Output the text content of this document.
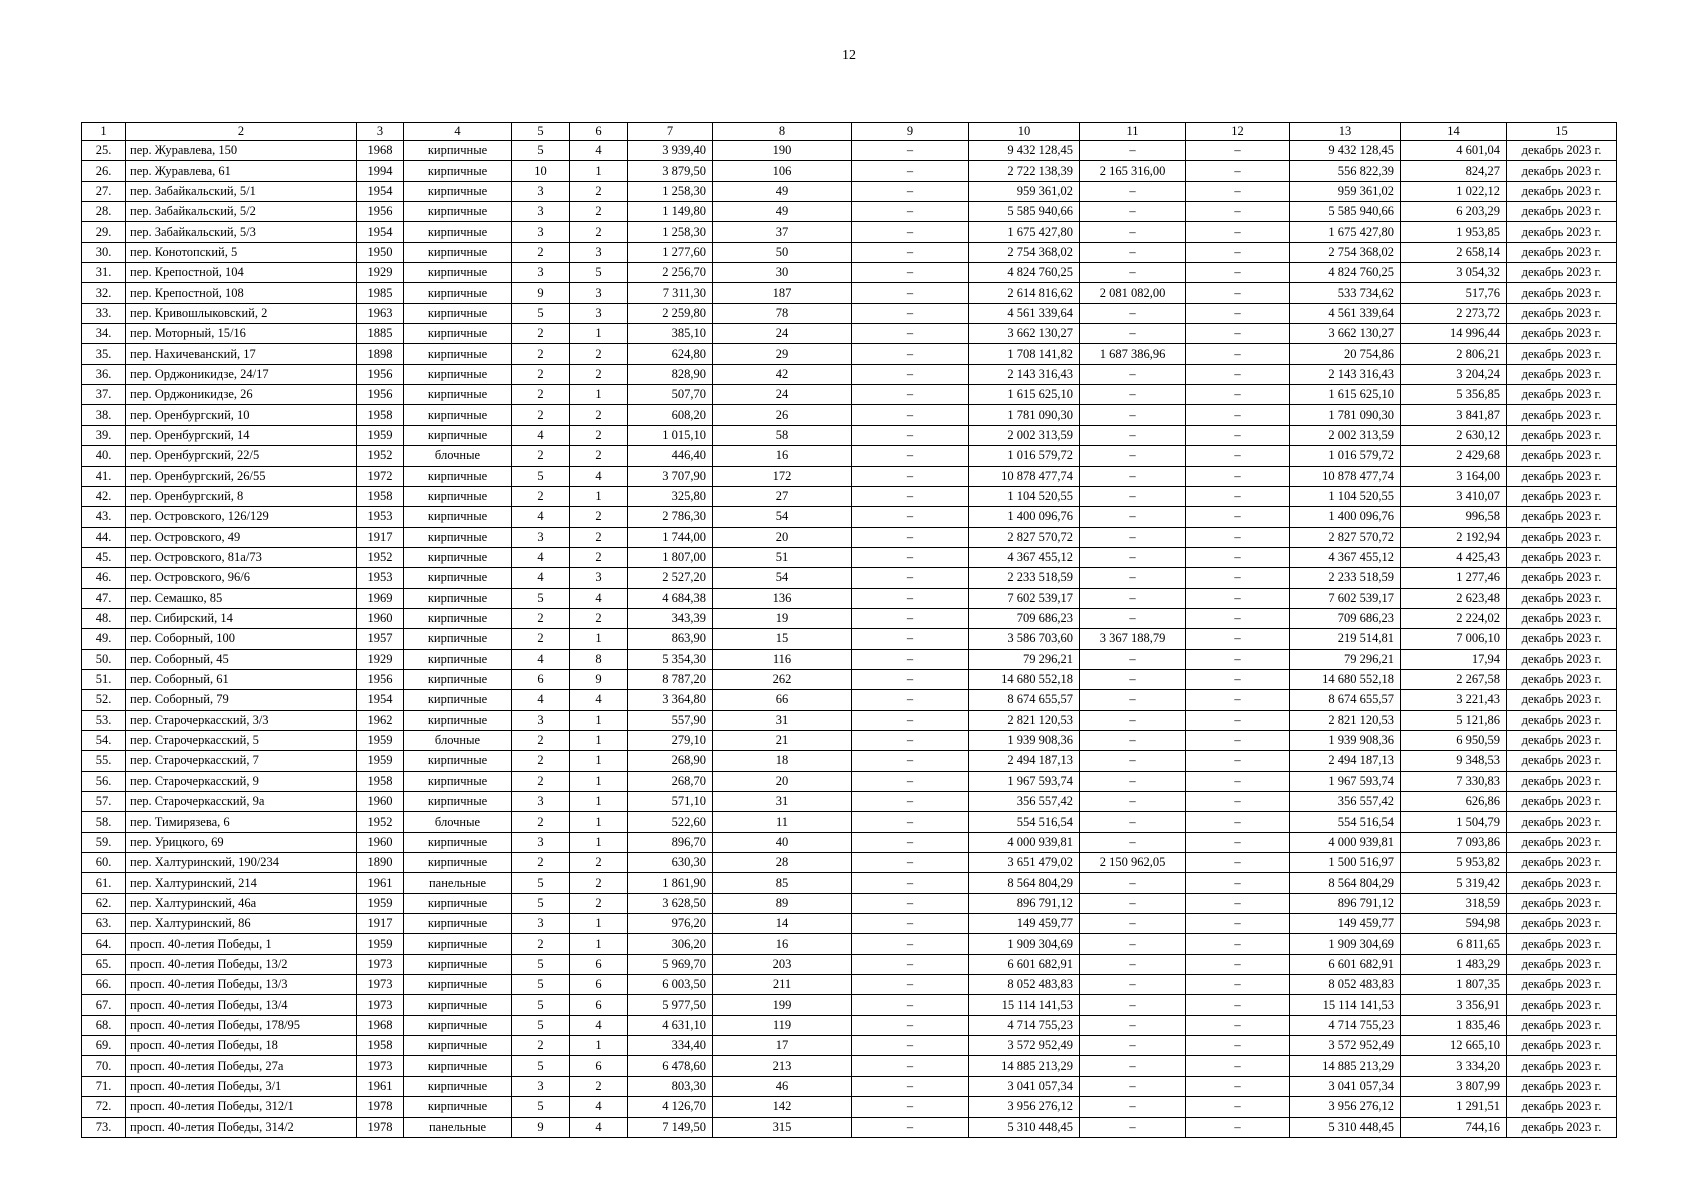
12
1	2	3	4	5	6	7	8	9	10	11	12	13	14	15
25.	пер. Журавлева, 150	1968	кирпичные	5	4	3 939,40	190	–	9 432 128,45	–	–	9 432 128,45	4 601,04	декабрь 2023 г.
26.	пер. Журавлева, 61	1994	кирпичные	10	1	3 879,50	106	–	2 722 138,39	2 165 316,00	–	556 822,39	824,27	декабрь 2023 г.
27.	пер. Забайкальский, 5/1	1954	кирпичные	3	2	1 258,30	49	–	959 361,02	–	–	959 361,02	1 022,12	декабрь 2023 г.
28.	пер. Забайкальский, 5/2	1956	кирпичные	3	2	1 149,80	49	–	5 585 940,66	–	–	5 585 940,66	6 203,29	декабрь 2023 г.
29.	пер. Забайкальский, 5/3	1954	кирпичные	3	2	1 258,30	37	–	1 675 427,80	–	–	1 675 427,80	1 953,85	декабрь 2023 г.
30.	пер. Конотопский, 5	1950	кирпичные	2	3	1 277,60	50	–	2 754 368,02	–	–	2 754 368,02	2 658,14	декабрь 2023 г.
31.	пер. Крепостной, 104	1929	кирпичные	3	5	2 256,70	30	–	4 824 760,25	–	–	4 824 760,25	3 054,32	декабрь 2023 г.
32.	пер. Крепостной, 108	1985	кирпичные	9	3	7 311,30	187	–	2 614 816,62	2 081 082,00	–	533 734,62	517,76	декабрь 2023 г.
33.	пер. Кривошлыковский, 2	1963	кирпичные	5	3	2 259,80	78	–	4 561 339,64	–	–	4 561 339,64	2 273,72	декабрь 2023 г.
34.	пер. Моторный, 15/16	1885	кирпичные	2	1	385,10	24	–	3 662 130,27	–	–	3 662 130,27	14 996,44	декабрь 2023 г.
35.	пер. Нахичеванский, 17	1898	кирпичные	2	2	624,80	29	–	1 708 141,82	1 687 386,96	–	20 754,86	2 806,21	декабрь 2023 г.
36.	пер. Орджоникидзе, 24/17	1956	кирпичные	2	2	828,90	42	–	2 143 316,43	–	–	2 143 316,43	3 204,24	декабрь 2023 г.
37.	пер. Орджоникидзе, 26	1956	кирпичные	2	1	507,70	24	–	1 615 625,10	–	–	1 615 625,10	5 356,85	декабрь 2023 г.
38.	пер. Оренбургский, 10	1958	кирпичные	2	2	608,20	26	–	1 781 090,30	–	–	1 781 090,30	3 841,87	декабрь 2023 г.
39.	пер. Оренбургский, 14	1959	кирпичные	4	2	1 015,10	58	–	2 002 313,59	–	–	2 002 313,59	2 630,12	декабрь 2023 г.
40.	пер. Оренбургский, 22/5	1952	блочные	2	2	446,40	16	–	1 016 579,72	–	–	1 016 579,72	2 429,68	декабрь 2023 г.
41.	пер. Оренбургский, 26/55	1972	кирпичные	5	4	3 707,90	172	–	10 878 477,74	–	–	10 878 477,74	3 164,00	декабрь 2023 г.
42.	пер. Оренбургский, 8	1958	кирпичные	2	1	325,80	27	–	1 104 520,55	–	–	1 104 520,55	3 410,07	декабрь 2023 г.
43.	пер. Островского, 126/129	1953	кирпичные	4	2	2 786,30	54	–	1 400 096,76	–	–	1 400 096,76	996,58	декабрь 2023 г.
44.	пер. Островского, 49	1917	кирпичные	3	2	1 744,00	20	–	2 827 570,72	–	–	2 827 570,72	2 192,94	декабрь 2023 г.
45.	пер. Островского, 81а/73	1952	кирпичные	4	2	1 807,00	51	–	4 367 455,12	–	–	4 367 455,12	4 425,43	декабрь 2023 г.
46.	пер. Островского, 96/6	1953	кирпичные	4	3	2 527,20	54	–	2 233 518,59	–	–	2 233 518,59	1 277,46	декабрь 2023 г.
47.	пер. Семашко, 85	1969	кирпичные	5	4	4 684,38	136	–	7 602 539,17	–	–	7 602 539,17	2 623,48	декабрь 2023 г.
48.	пер. Сибирский, 14	1960	кирпичные	2	2	343,39	19	–	709 686,23	–	–	709 686,23	2 224,02	декабрь 2023 г.
49.	пер. Соборный, 100	1957	кирпичные	2	1	863,90	15	–	3 586 703,60	3 367 188,79	–	219 514,81	7 006,10	декабрь 2023 г.
50.	пер. Соборный, 45	1929	кирпичные	4	8	5 354,30	116	–	79 296,21	–	–	79 296,21	17,94	декабрь 2023 г.
51.	пер. Соборный, 61	1956	кирпичные	6	9	8 787,20	262	–	14 680 552,18	–	–	14 680 552,18	2 267,58	декабрь 2023 г.
52.	пер. Соборный, 79	1954	кирпичные	4	4	3 364,80	66	–	8 674 655,57	–	–	8 674 655,57	3 221,43	декабрь 2023 г.
53.	пер. Старочеркасский, 3/3	1962	кирпичные	3	1	557,90	31	–	2 821 120,53	–	–	2 821 120,53	5 121,86	декабрь 2023 г.
54.	пер. Старочеркасский, 5	1959	блочные	2	1	279,10	21	–	1 939 908,36	–	–	1 939 908,36	6 950,59	декабрь 2023 г.
55.	пер. Старочеркасский, 7	1959	кирпичные	2	1	268,90	18	–	2 494 187,13	–	–	2 494 187,13	9 348,53	декабрь 2023 г.
56.	пер. Старочеркасский, 9	1958	кирпичные	2	1	268,70	20	–	1 967 593,74	–	–	1 967 593,74	7 330,83	декабрь 2023 г.
57.	пер. Старочеркасский, 9а	1960	кирпичные	3	1	571,10	31	–	356 557,42	–	–	356 557,42	626,86	декабрь 2023 г.
58.	пер. Тимирязева, 6	1952	блочные	2	1	522,60	11	–	554 516,54	–	–	554 516,54	1 504,79	декабрь 2023 г.
59.	пер. Урицкого, 69	1960	кирпичные	3	1	896,70	40	–	4 000 939,81	–	–	4 000 939,81	7 093,86	декабрь 2023 г.
60.	пер. Халтуринский, 190/234	1890	кирпичные	2	2	630,30	28	–	3 651 479,02	2 150 962,05	–	1 500 516,97	5 953,82	декабрь 2023 г.
61.	пер. Халтуринский, 214	1961	панельные	5	2	1 861,90	85	–	8 564 804,29	–	–	8 564 804,29	5 319,42	декабрь 2023 г.
62.	пер. Халтуринский, 46а	1959	кирпичные	5	2	3 628,50	89	–	896 791,12	–	–	896 791,12	318,59	декабрь 2023 г.
63.	пер. Халтуринский, 86	1917	кирпичные	3	1	976,20	14	–	149 459,77	–	–	149 459,77	594,98	декабрь 2023 г.
64.	просп. 40-летия Победы, 1	1959	кирпичные	2	1	306,20	16	–	1 909 304,69	–	–	1 909 304,69	6 811,65	декабрь 2023 г.
65.	просп. 40-летия Победы, 13/2	1973	кирпичные	5	6	5 969,70	203	–	6 601 682,91	–	–	6 601 682,91	1 483,29	декабрь 2023 г.
66.	просп. 40-летия Победы, 13/3	1973	кирпичные	5	6	6 003,50	211	–	8 052 483,83	–	–	8 052 483,83	1 807,35	декабрь 2023 г.
67.	просп. 40-летия Победы, 13/4	1973	кирпичные	5	6	5 977,50	199	–	15 114 141,53	–	–	15 114 141,53	3 356,91	декабрь 2023 г.
68.	просп. 40-летия Победы, 178/95	1968	кирпичные	5	4	4 631,10	119	–	4 714 755,23	–	–	4 714 755,23	1 835,46	декабрь 2023 г.
69.	просп. 40-летия Победы, 18	1958	кирпичные	2	1	334,40	17	–	3 572 952,49	–	–	3 572 952,49	12 665,10	декабрь 2023 г.
70.	просп. 40-летия Победы, 27а	1973	кирпичные	5	6	6 478,60	213	–	14 885 213,29	–	–	14 885 213,29	3 334,20	декабрь 2023 г.
71.	просп. 40-летия Победы, 3/1	1961	кирпичные	3	2	803,30	46	–	3 041 057,34	–	–	3 041 057,34	3 807,99	декабрь 2023 г.
72.	просп. 40-летия Победы, 312/1	1978	кирпичные	5	4	4 126,70	142	–	3 956 276,12	–	–	3 956 276,12	1 291,51	декабрь 2023 г.
73.	просп. 40-летия Победы, 314/2	1978	панельные	9	4	7 149,50	315	–	5 310 448,45	–	–	5 310 448,45	744,16	декабрь 2023 г.
